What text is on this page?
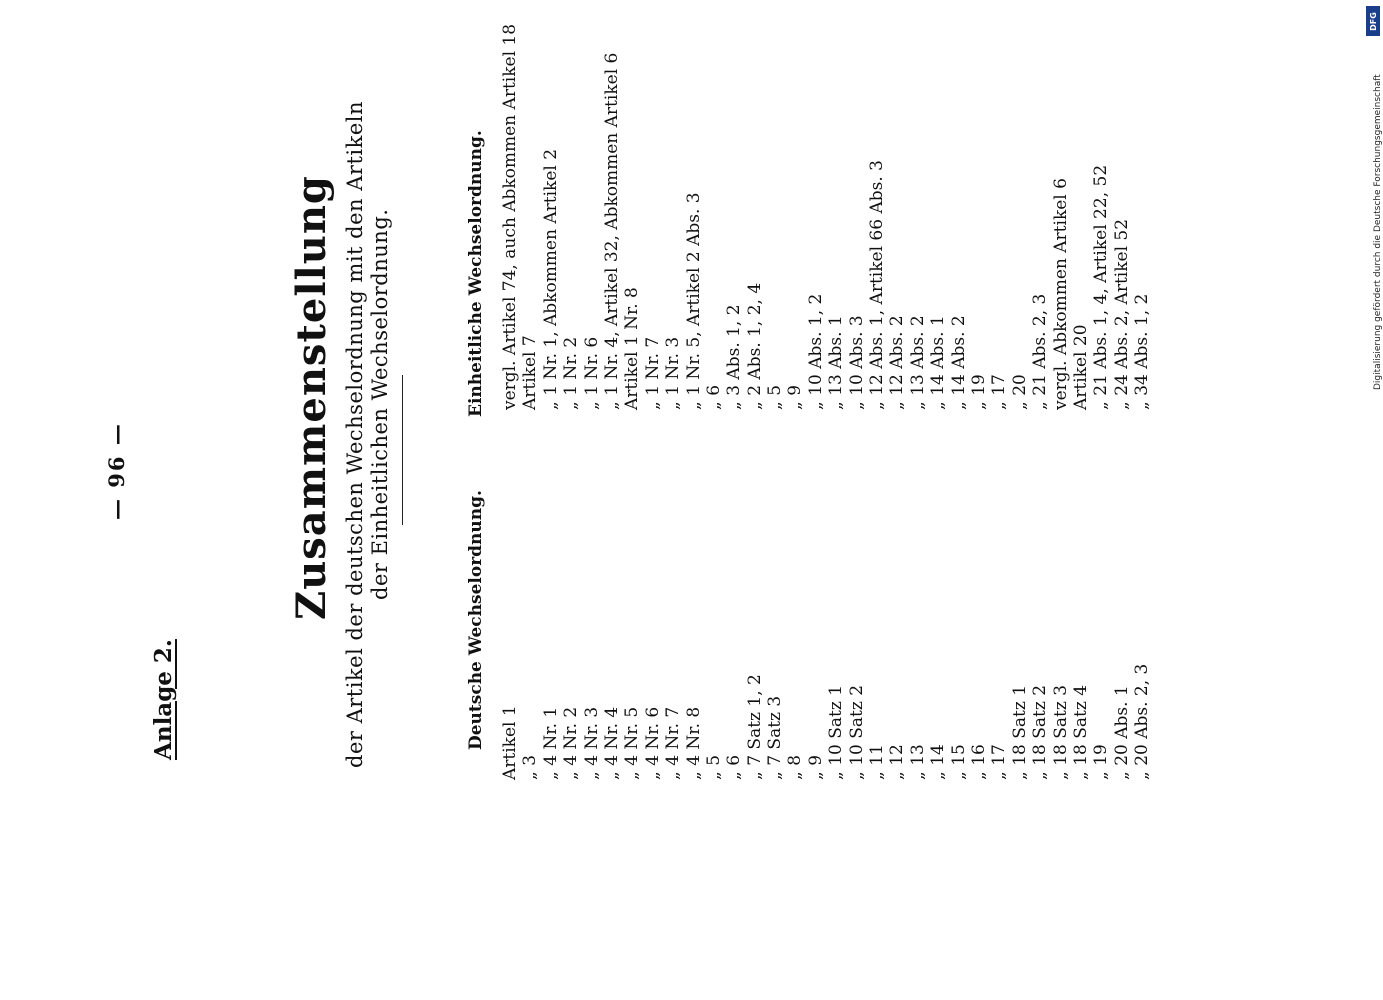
Anlage 2.
— 96 —	Zusammenstellung der Artikel der deutschen Wechselordnung mit den Artikeln der Einheitlichen Wechselordnung.
Deutsche Wechselordnung.
Einheitliche Wechselordnung.
Artikel 1 „ 3 „ 4 Nr. 1 „ 4 Nr. 2 „ 4 Nr. 3 „ 4 Nr. 4 „ 4 Nr. 5 „ 4 Nr. 6 „ 4 Nr. 7 „ 4 Nr. 8 „ 5 „ 6 „ 7 Satz 1, 2 „ 7 Satz 3 „ 8 „ 9 „ 10 Satz 1 „ 10 Satz 2 „ 11 „ 12 „ 13 „ 14 „ 15 „ 16 „ 17 „ 18 Satz 1 „ 18 Satz 2 „ 18 Satz 3 „ 18 Satz 4 „ 19 „ 20 Abs. 1 „ 20 Abs. 2, 3
vergl. Artikel 74, auch Abkommen Artikel 18 Artikel 7 „ 1 Nr. 1, Abkommen Artikel 2 „ 1 Nr. 2 „ 1 Nr. 6 „ 1 Nr. 4, Artikel 32, Abkommen Artikel 6 Artikel 1 Nr. 8 „ 1 Nr. 7 „ 1 Nr. 3 „ 1 Nr. 5, Artikel 2 Abs. 3 „ 6 „ 3 Abs. 1, 2 „ 2 Abs. 1, 2, 4 „ 5 „ 9 „ 10 Abs. 1, 2 „ 13 Abs. 1 „ 10 Abs. 3 „ 12 Abs. 1, Artikel 66 Abs. 3 „ 12 Abs. 2 „ 13 Abs. 2 „ 14 Abs. 1 „ 14 Abs. 2 „ 19 „ 17 „ 20 „ 21 Abs. 2, 3 vergl. Abkommen Artikel 6 Artikel 20 „ 21 Abs. 1, 4, Artikel 22, 52 „ 24 Abs. 2, Artikel 52 „ 34 Abs. 1, 2
DFG
Digitalisierung gefördert durch die Deutsche Forschungsgemeinschaft
